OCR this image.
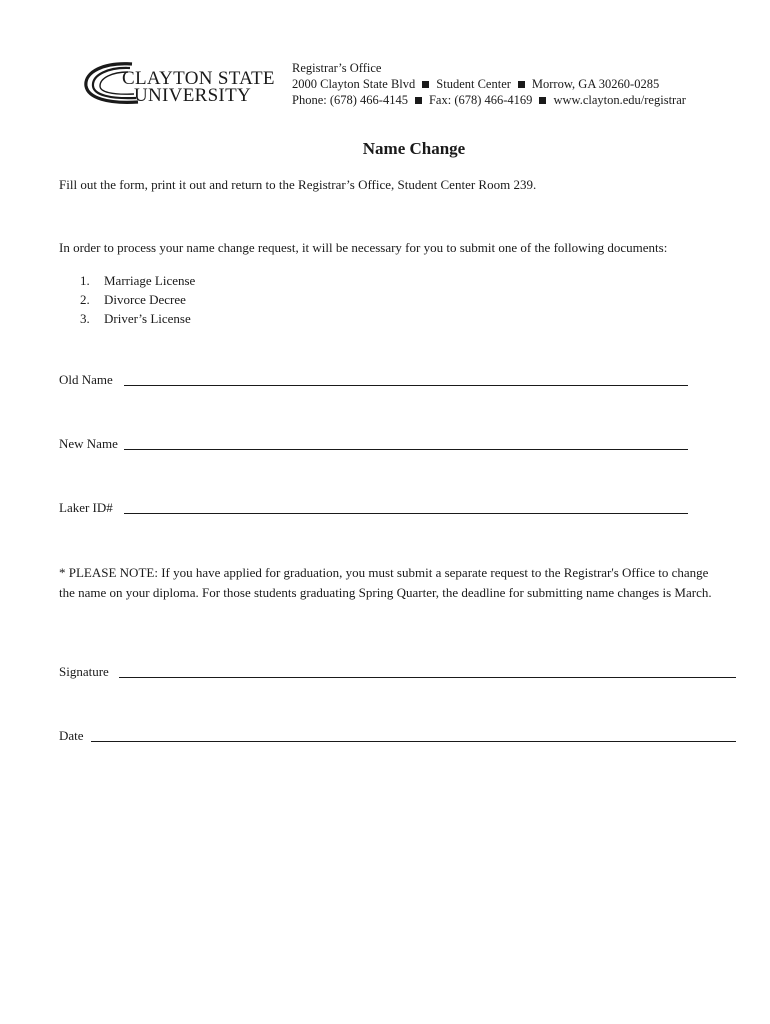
CLAYTON STATE
UNIVERSITY
Registrar’s Office
2000 Clayton State Blvd Student Center Morrow, GA 30260-0285
Phone: (678) 466-4145 Fax: (678) 466-4169 www.clayton.edu/registrar
Name Change
Fill out the form, print it out and return to the Registrar’s Office, Student Center Room 239.
In order to process your name change request, it will be necessary for you to submit one of the following documents:
1. Marriage License
2. Divorce Decree
3. Driver’s License
Old Name
New Name
Laker ID#
* PLEASE NOTE: If you have applied for graduation, you must submit a separate request to the Registrar's Office to change the name on your diploma. For those students graduating Spring Quarter, the deadline for submitting name changes is March.
Signature
Date
